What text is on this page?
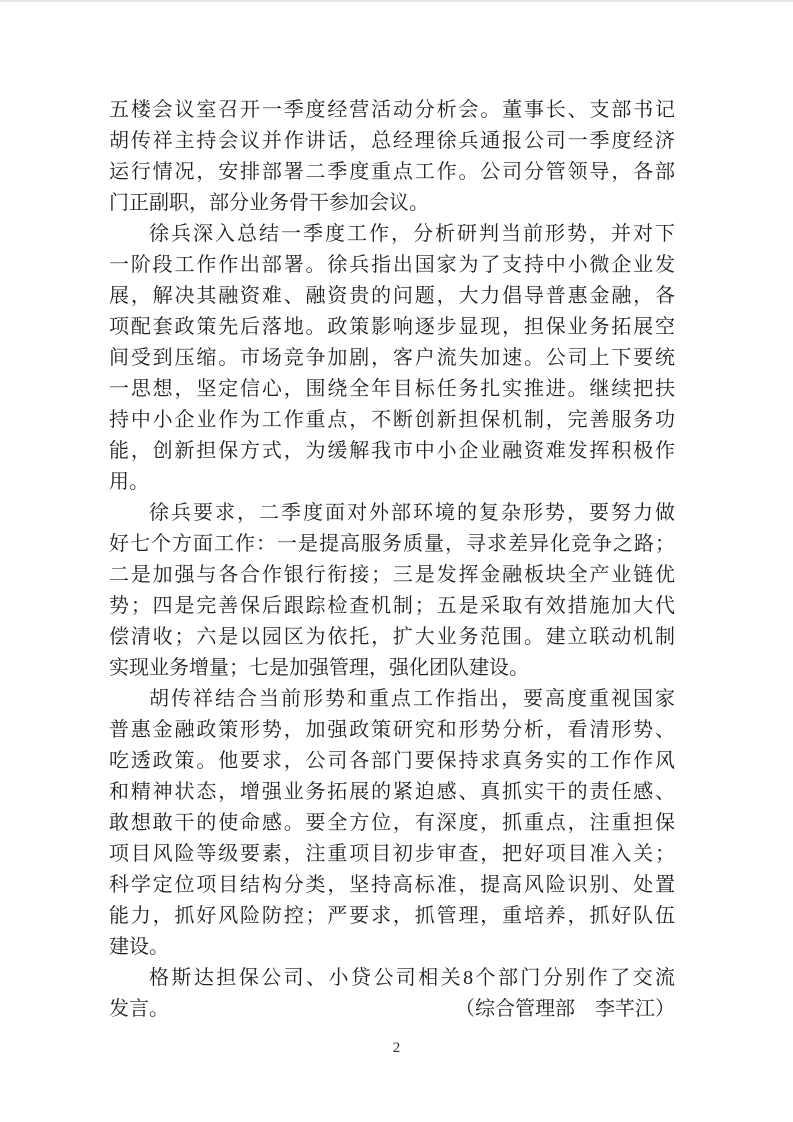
五楼会议室召开一季度经营活动分析会。董事长、支部书记
胡传祥主持会议并作讲话，总经理徐兵通报公司一季度经济
运行情况，安排部署二季度重点工作。公司分管领导，各部
门正副职，部分业务骨干参加会议。
徐兵深入总结一季度工作，分析研判当前形势，并对下
一阶段工作作出部署。徐兵指出国家为了支持中小微企业发
展，解决其融资难、融资贵的问题，大力倡导普惠金融，各
项配套政策先后落地。政策影响逐步显现，担保业务拓展空
间受到压缩。市场竞争加剧，客户流失加速。公司上下要统
一思想，坚定信心，围绕全年目标任务扎实推进。继续把扶
持中小企业作为工作重点，不断创新担保机制，完善服务功
能，创新担保方式，为缓解我市中小企业融资难发挥积极作
用。
徐兵要求，二季度面对外部环境的复杂形势，要努力做
好七个方面工作：一是提高服务质量，寻求差异化竞争之路；
二是加强与各合作银行衔接；三是发挥金融板块全产业链优
势；四是完善保后跟踪检查机制；五是采取有效措施加大代
偿清收；六是以园区为依托，扩大业务范围。建立联动机制
实现业务增量；七是加强管理，强化团队建设。
胡传祥结合当前形势和重点工作指出，要高度重视国家
普惠金融政策形势，加强政策研究和形势分析，看清形势、
吃透政策。他要求，公司各部门要保持求真务实的工作作风
和精神状态，增强业务拓展的紧迫感、真抓实干的责任感、
敢想敢干的使命感。要全方位，有深度，抓重点，注重担保
项目风险等级要素，注重项目初步审查，把好项目准入关；
科学定位项目结构分类，坚持高标准，提高风险识别、处置
能力，抓好风险防控；严要求，抓管理，重培养，抓好队伍
建设。
格斯达担保公司、小贷公司相关8个部门分别作了交流
发言。	（综合管理部　李芊江）
2
